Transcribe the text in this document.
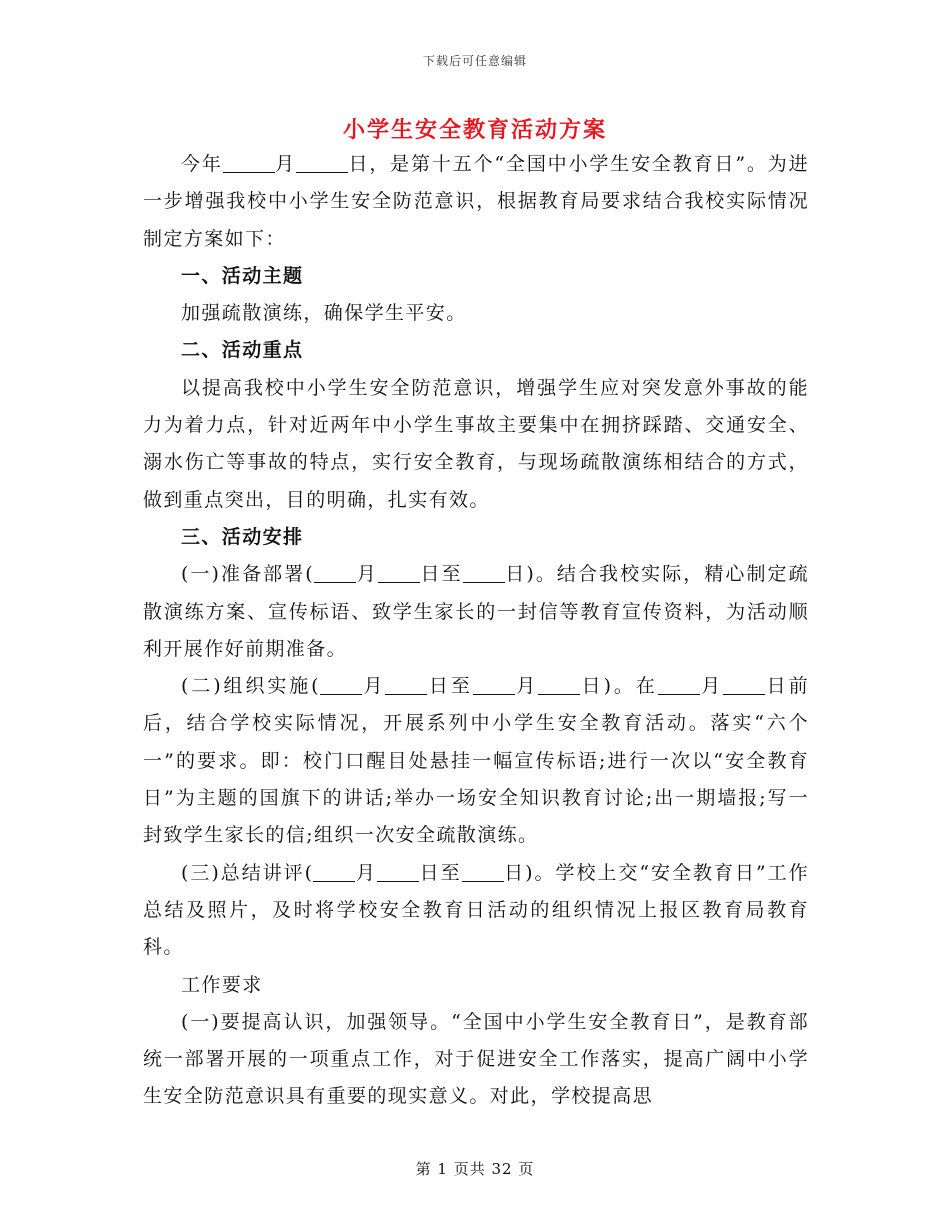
下载后可任意编辑
小学生安全教育活动方案

今年	月	日，是第十五个“全国中小学生安全教育日”。为进一步增强我校中小学生安全防范意识，根据教育局要求结合我校实际情况制定方案如下：

一、活动主题

加强疏散演练，确保学生平安。

二、活动重点

以提高我校中小学生安全防范意识，增强学生应对突发意外事故的能力为着力点，针对近两年中小学生事故主要集中在拥挤踩踏、交通安全、溺水伤亡等事故的特点，实行安全教育，与现场疏散演练相结合的方式，做到重点突出，目的明确，扎实有效。

三、活动安排

(一)准备部署( 月 日至 日)。结合我校实际，精心制定疏散演练方案、宣传标语、致学生家长的一封信等教育宣传资料，为活动顺利开展作好前期准备。

(二)组织实施( 月 日至 月 日)。在 月 日前后，结合学校实际情况，开展系列中小学生安全教育活动。落实“六个一”的要求。即：校门口醒目处悬挂一幅宣传标语;进行一次以“安全教育日”为主题的国旗下的讲话;举办一场安全知识教育讨论;出一期墙报;写一封致学生家长的信;组织一次安全疏散演练。

(三)总结讲评( 月 日至 日)。学校上交“安全教育日”工作总结及照片，及时将学校安全教育日活动的组织情况上报区教育局教育科。

工作要求

(一)要提高认识，加强领导。“全国中小学生安全教育日”，是教育部统一部署开展的一项重点工作，对于促进安全工作落实，提高广阔中小学生安全防范意识具有重要的现实意义。对此，学校提高思

第 1 页共 32 页
